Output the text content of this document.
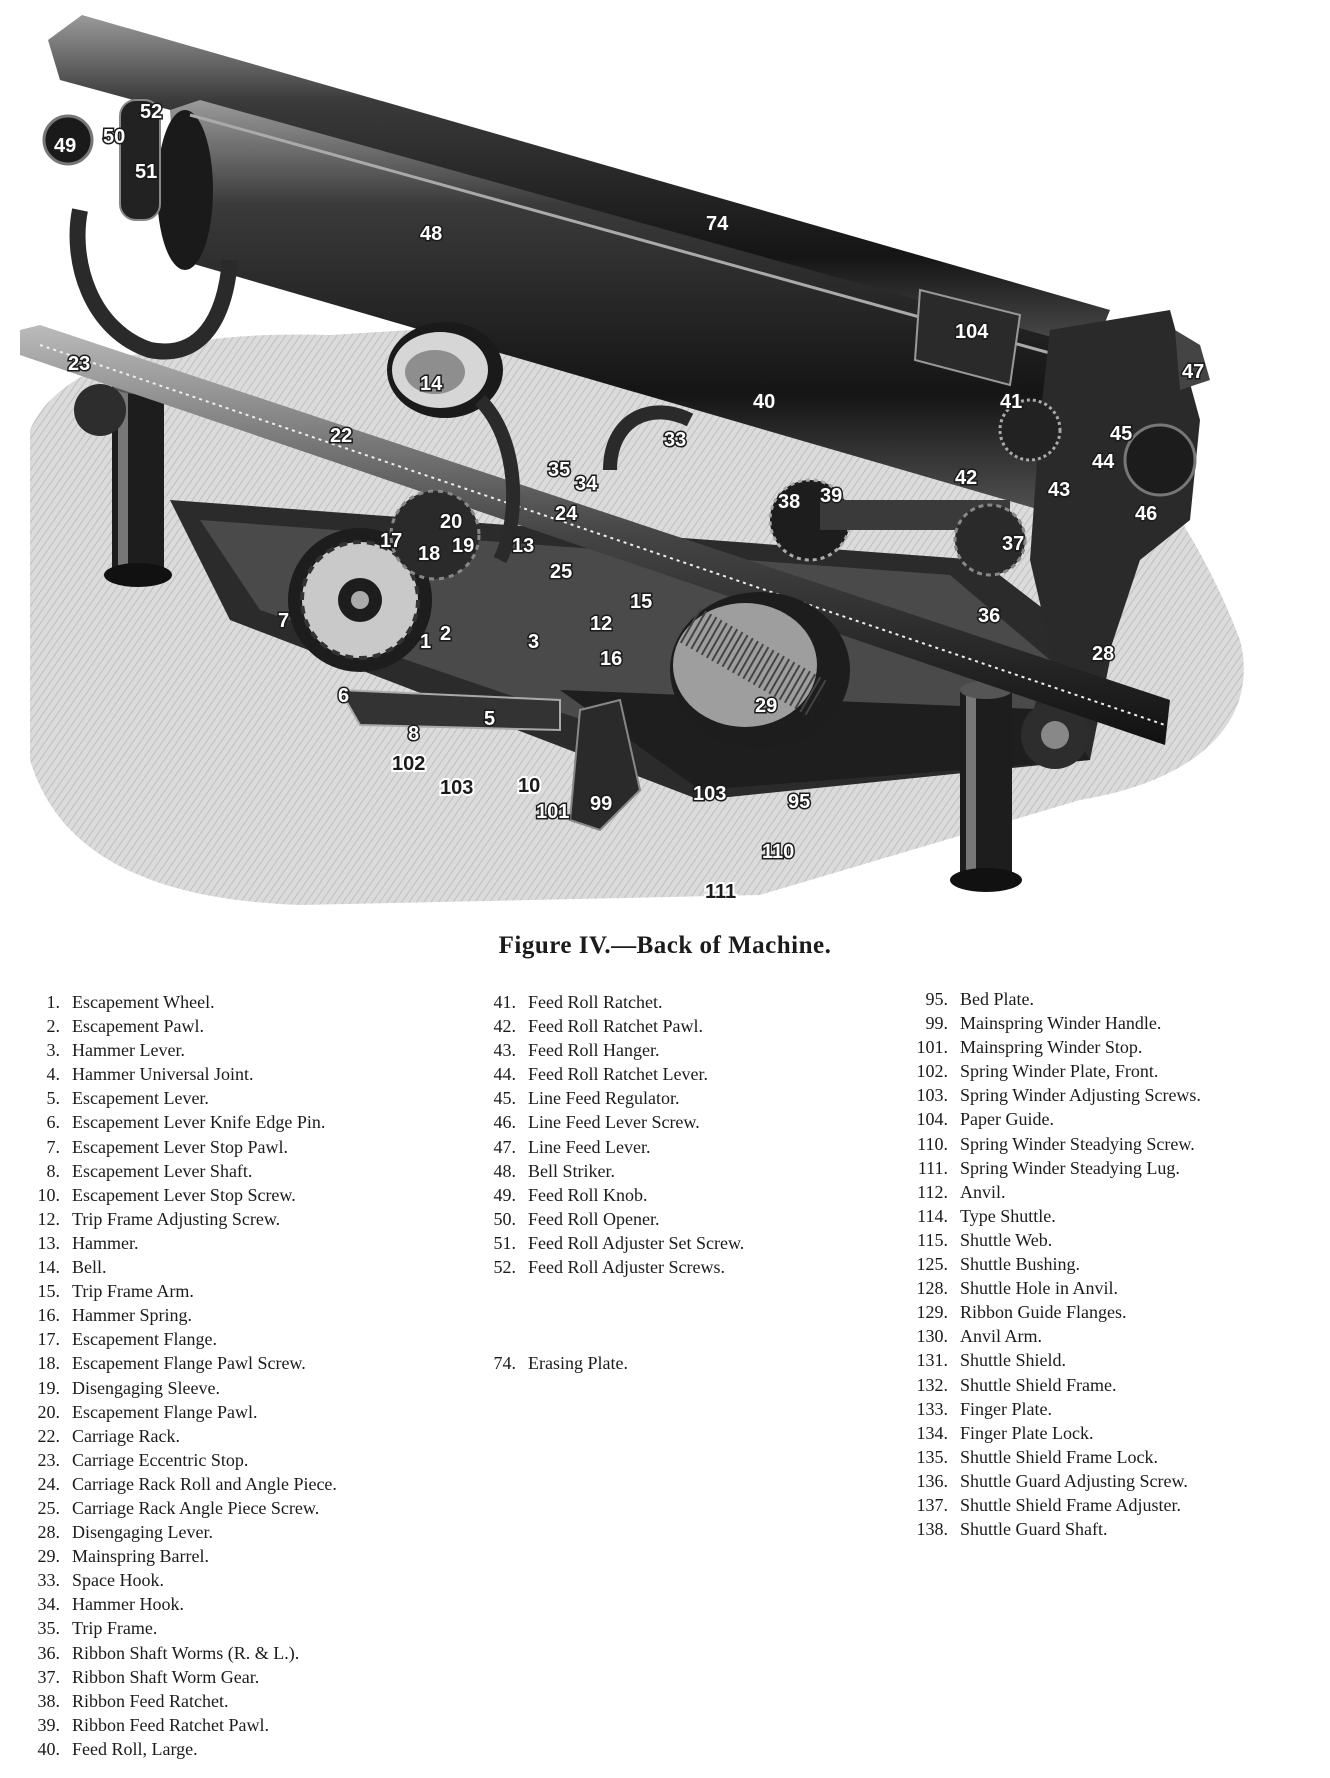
74
49 50
51
52
48
14
104
40	41
47
45
33
35
34
38 39
42
43
44
46
37
36
28
22
23
24
25
13
20
19
17
18
15
12
16
3
1 2
7
6
5
8
29
102
103 10
101 99	103	95
110
111
Figure IV.—Back of Machine.
1. Escapement Wheel.
2. Escapement Pawl.
3. Hammer Lever.
4. Hammer Universal Joint.
5. Escapement Lever.
6. Escapement Lever Knife Edge Pin.
7. Escapement Lever Stop Pawl.
8. Escapement Lever Shaft.
10. Escapement Lever Stop Screw.
12. Trip Frame Adjusting Screw.
13. Hammer.
14. Bell.
15. Trip Frame Arm.
16. Hammer Spring.
17. Escapement Flange.
18. Escapement Flange Pawl Screw.
19. Disengaging Sleeve.
20. Escapement Flange Pawl.
22. Carriage Rack.
23. Carriage Eccentric Stop.
24. Carriage Rack Roll and Angle Piece.
25. Carriage Rack Angle Piece Screw.
28. Disengaging Lever.
29. Mainspring Barrel.
33. Space Hook.
34. Hammer Hook.
35. Trip Frame.
36. Ribbon Shaft Worms (R. & L.).
37. Ribbon Shaft Worm Gear.
38. Ribbon Feed Ratchet.
39. Ribbon Feed Ratchet Pawl.
40. Feed Roll, Large.
41. Feed Roll Ratchet.
42. Feed Roll Ratchet Pawl.
43. Feed Roll Hanger.
44. Feed Roll Ratchet Lever.
45. Line Feed Regulator.
46. Line Feed Lever Screw.
47. Line Feed Lever.
48. Bell Striker.
49. Feed Roll Knob.
50. Feed Roll Opener.
51. Feed Roll Adjuster Set Screw.
52. Feed Roll Adjuster Screws.
74. Erasing Plate.
95. Bed Plate.
99. Mainspring Winder Handle.
101. Mainspring Winder Stop.
102. Spring Winder Plate, Front.
103. Spring Winder Adjusting Screws.
104. Paper Guide.
110. Spring Winder Steadying Screw.
111. Spring Winder Steadying Lug.
112. Anvil.
114. Type Shuttle.
115. Shuttle Web.
125. Shuttle Bushing.
128. Shuttle Hole in Anvil.
129. Ribbon Guide Flanges.
130. Anvil Arm.
131. Shuttle Shield.
132. Shuttle Shield Frame.
133. Finger Plate.
134. Finger Plate Lock.
135. Shuttle Shield Frame Lock.
136. Shuttle Guard Adjusting Screw.
137. Shuttle Shield Frame Adjuster.
138. Shuttle Guard Shaft.
